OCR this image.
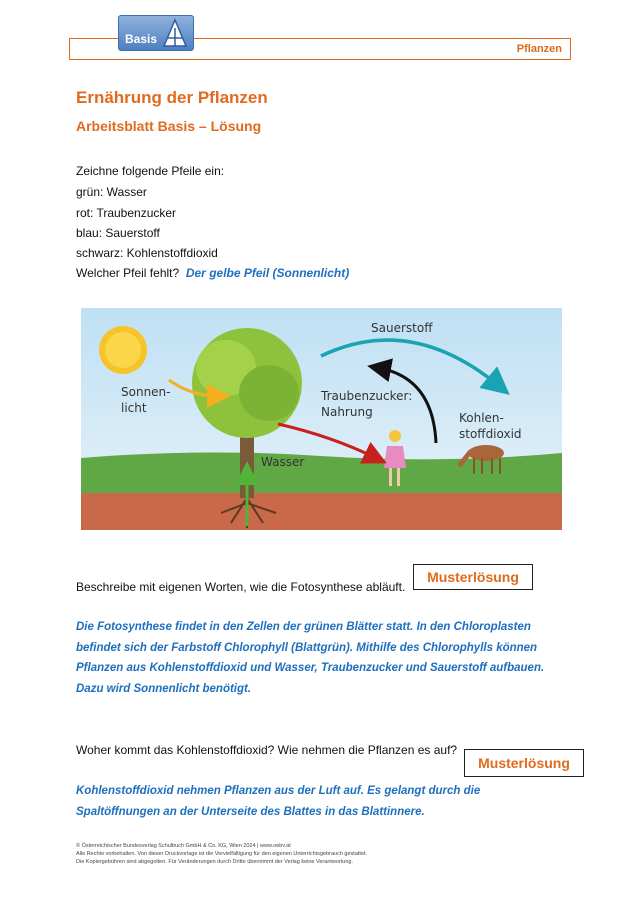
Pflanzen
Basis
Ernährung der Pflanzen
Arbeitsblatt Basis – Lösung
Zeichne folgende Pfeile ein:
grün: Wasser
rot: Traubenzucker
blau: Sauerstoff
schwarz: Kohlenstoffdioxid
Welcher Pfeil fehlt? Der gelbe Pfeil (Sonnenlicht)
Sonnen- licht
Sauerstoff
Traubenzucker: Nahrung	Kohlen- stoffdioxid
Wasser
Beschreibe mit eigenen Worten, wie die Fotosynthese abläuft.
Musterlösung

Die Fotosynthese findet in den Zellen der grünen Blätter statt. In den Chloroplasten

befindet sich der Farbstoff Chlorophyll (Blattgrün). Mithilfe des Chlorophylls können

Pflanzen aus Kohlenstoffdioxid und Wasser, Traubenzucker und Sauerstoff aufbauen.

Dazu wird Sonnenlicht benötigt.

Woher kommt das Kohlenstoffdioxid? Wie nehmen die Pflanzen es auf?
Musterlösung

Kohlenstoffdioxid nehmen Pflanzen aus der Luft auf. Es gelangt durch die

Spaltöffnungen an der Unterseite des Blattes in das Blattinnere.

© Österreichischer Bundesverlag Schulbuch GmbH & Co. KG, Wien 2024 | www.oebv.at

Alle Rechte vorbehalten. Von dieser Druckvorlage ist die Vervielfältigung für den eigenen Unterrichtsgebrauch gestattet.

Die Kopiergebühren sind abgegolten. Für Veränderungen durch Dritte übernimmt der Verlag keine Verantwortung.
